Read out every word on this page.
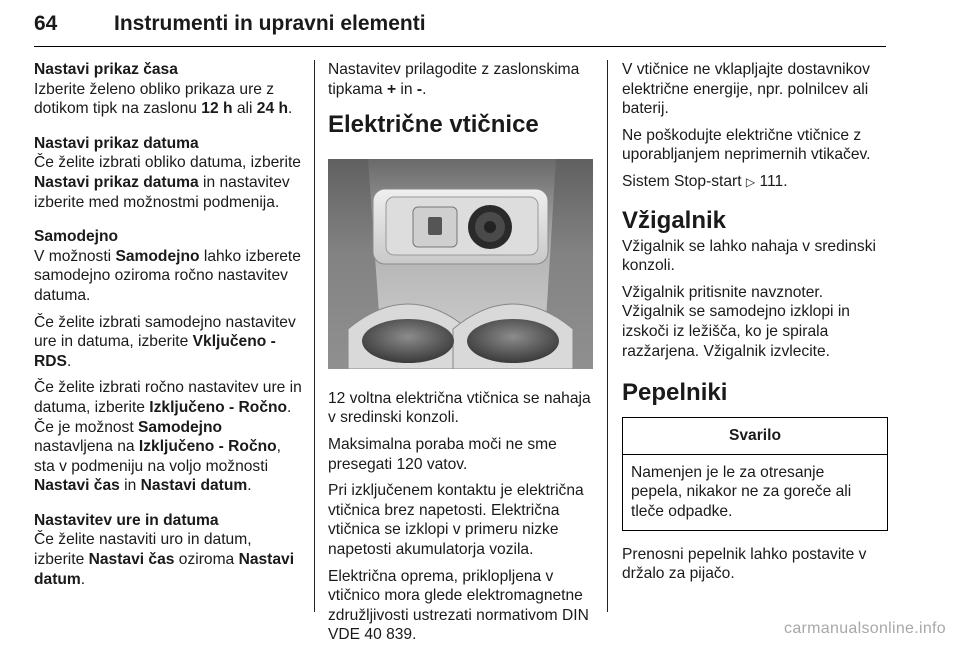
64	Instrumenti in upravni elementi
Nastavi prikaz časa

Izberite želeno obliko prikaza ure z dotikom tipk na zaslonu 12 h ali 24 h.

Nastavi prikaz datuma

Če želite izbrati obliko datuma, izberite Nastavi prikaz datuma in nastavitev izberite med možnostmi podmenija.

Samodejno

V možnosti Samodejno lahko izberete samodejno oziroma ročno nastavitev datuma.

Če želite izbrati samodejno nastavitev ure in datuma, izberite Vključeno - RDS.

Če želite izbrati ročno nastavitev ure in datuma, izberite Izključeno - Ročno. Če je možnost Samodejno nastavljena na Izključeno - Ročno, sta v podmeniju na voljo možnosti Nastavi čas in Nastavi datum.

Nastavitev ure in datuma

Če želite nastaviti uro in datum, izberite Nastavi čas oziroma Nastavi datum.

Nastavitev prilagodite z zaslonskima tipkama + in -.

Električne vtičnice

12 voltna električna vtičnica se nahaja v sredinski konzoli.

Maksimalna poraba moči ne sme presegati 120 vatov.

Pri izključenem kontaktu je električna vtičnica brez napetosti. Električna vtičnica se izklopi v primeru nizke napetosti akumulatorja vozila.

Električna oprema, priklopljena v vtičnico mora glede elektromagnetne združljivosti ustrezati normativom DIN VDE 40 839.

V vtičnice ne vklapljajte dostavnikov električne energije, npr. polnilcev ali baterij.

Ne poškodujte električne vtičnice z uporabljanjem neprimernih vtikačev.

Sistem Stop-start ▷ 111.

Vžigalnik

Vžigalnik se lahko nahaja v sredinski konzoli.

Vžigalnik pritisnite navznoter.

Vžigalnik se samodejno izklopi in izskoči iz ležišča, ko je spirala razžarjena. Vžigalnik izvlecite.

Pepelniki
Svarilo
Namenjen je le za otresanje pepela, nikakor ne za goreče ali tleče odpadke.

Prenosni pepelnik lahko postavite v držalo za pijačo.

carmanualsonline.info
